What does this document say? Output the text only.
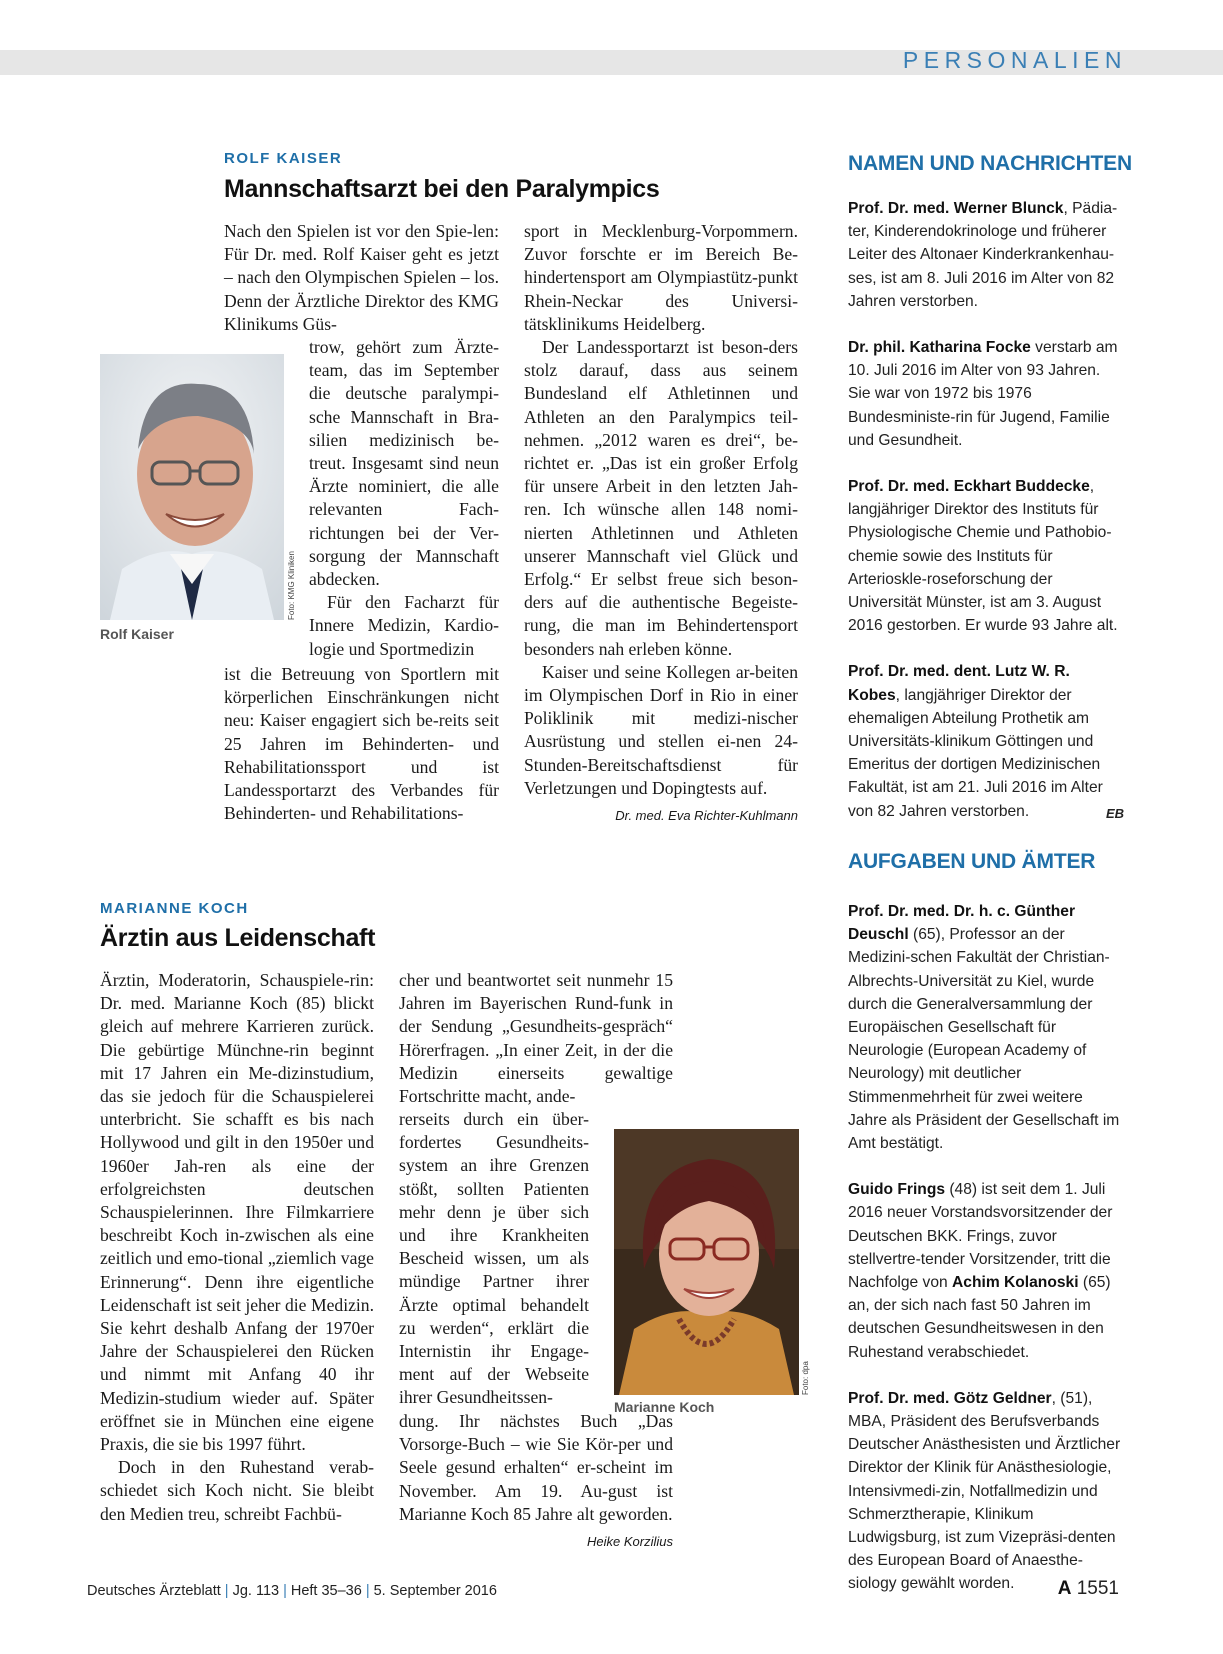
PERSONALIEN
ROLF KAISER
Mannschaftsarzt bei den Paralympics
Foto: KMG Kliniken
Rolf Kaiser

Nach den Spielen ist vor den Spie-len: Für Dr. med. Rolf Kaiser geht es jetzt – nach den Olympischen Spielen – los. Denn der Ärztliche Direktor des KMG Klinikums Güs-

trow, gehört zum Ärzte-team, das im September die deutsche paralympi-sche Mannschaft in Bra-silien medizinisch be-treut. Insgesamt sind neun Ärzte nominiert, die alle relevanten Fach-richtungen bei der Ver-sorgung der Mannschaft abdecken.

Für den Facharzt für Innere Medizin, Kardio-logie und Sportmedizin

ist die Betreuung von Sportlern mit körperlichen Einschränkungen nicht neu: Kaiser engagiert sich be-reits seit 25 Jahren im Behinderten- und Rehabilitationssport und ist Landessportarzt des Verbandes für Behinderten- und Rehabilitations-

sport in Mecklenburg-Vorpommern. Zuvor forschte er im Bereich Be-hindertensport am Olympiastütz-punkt Rhein-Neckar des Universi-tätsklinikums Heidelberg.

Der Landessportarzt ist beson-ders stolz darauf, dass aus seinem Bundesland elf Athletinnen und Athleten an den Paralympics teil-nehmen. „2012 waren es drei“, be-richtet er. „Das ist ein großer Erfolg für unsere Arbeit in den letzten Jah-ren. Ich wünsche allen 148 nomi-nierten Athletinnen und Athleten unserer Mannschaft viel Glück und Erfolg.“ Er selbst freue sich beson-ders auf die authentische Begeiste-rung, die man im Behindertensport besonders nah erleben könne.

Kaiser und seine Kollegen ar-beiten im Olympischen Dorf in Rio in einer Poliklinik mit medizi-nischer Ausrüstung und stellen ei-nen 24-Stunden-Bereitschaftsdienst für Verletzungen und Dopingtests auf.
Dr. med. Eva Richter-Kuhlmann

MARIANNE KOCH
Ärztin aus Leidenschaft

Ärztin, Moderatorin, Schauspiele-rin: Dr. med. Marianne Koch (85) blickt gleich auf mehrere Karrieren zurück. Die gebürtige Münchne-rin beginnt mit 17 Jahren ein Me-dizinstudium, das sie jedoch für die Schauspielerei unterbricht. Sie schafft es bis nach Hollywood und gilt in den 1950er und 1960er Jah-ren als eine der erfolgreichsten deutschen Schauspielerinnen. Ihre Filmkarriere beschreibt Koch in-zwischen als eine zeitlich und emo-tional „ziemlich vage Erinnerung“. Denn ihre eigentliche Leidenschaft ist seit jeher die Medizin. Sie kehrt deshalb Anfang der 1970er Jahre der Schauspielerei den Rücken und nimmt mit Anfang 40 ihr Medizin-studium wieder auf. Später eröffnet sie in München eine eigene Praxis, die sie bis 1997 führt.

Doch in den Ruhestand verab-schiedet sich Koch nicht. Sie bleibt den Medien treu, schreibt Fachbü-

cher und beantwortet seit nunmehr 15 Jahren im Bayerischen Rund-funk in der Sendung „Gesundheits-gespräch“ Hörerfragen. „In einer Zeit, in der die Medizin einerseits gewaltige Fortschritte macht, ande-

rerseits durch ein über-fordertes Gesundheits-system an ihre Grenzen stößt, sollten Patienten mehr denn je über sich und ihre Krankheiten Bescheid wissen, um als mündige Partner ihrer Ärzte optimal behandelt zu werden“, erklärt die Internistin ihr Engage-ment auf der Webseite ihrer Gesundheitssen-

dung. Ihr nächstes Buch „Das Vorsorge-Buch – wie Sie Kör-per und Seele gesund erhalten“ er-scheint im November. Am 19. Au-gust ist Marianne Koch 85 Jahre alt geworden.
Heike Korzilius

Foto: dpa
Marianne Koch
NAMEN UND NACHRICHTEN

Prof. Dr. med. Werner Blunck, Pädia-ter, Kinderendokrinologe und früherer Leiter des Altonaer Kinderkrankenhau-ses, ist am 8. Juli 2016 im Alter von 82 Jahren verstorben.

Dr. phil. Katharina Focke verstarb am 10. Juli 2016 im Alter von 93 Jahren. Sie war von 1972 bis 1976 Bundesministe-rin für Jugend, Familie und Gesundheit.

Prof. Dr. med. Eckhart Buddecke, langjähriger Direktor des Instituts für Physiologische Chemie und Pathobio-chemie sowie des Instituts für Arterioskle-roseforschung der Universität Münster, ist am 3. August 2016 gestorben. Er wurde 93 Jahre alt.

Prof. Dr. med. dent. Lutz W. R. Kobes, langjähriger Direktor der ehemaligen Abteilung Prothetik am Universitäts-klinikum Göttingen und Emeritus der dortigen Medizinischen Fakultät, ist am 21. Juli 2016 im Alter von 82 Jahren verstorben.	EB

AUFGABEN UND ÄMTER

Prof. Dr. med. Dr. h. c. Günther Deuschl (65), Professor an der Medizini-schen Fakultät der Christian-Albrechts-Universität zu Kiel, wurde durch die Generalversammlung der Europäischen Gesellschaft für Neurologie (European Academy of Neurology) mit deutlicher Stimmenmehrheit für zwei weitere Jahre als Präsident der Gesellschaft im Amt bestätigt.

Guido Frings (48) ist seit dem 1. Juli 2016 neuer Vorstandsvorsitzender der Deutschen BKK. Frings, zuvor stellvertre-tender Vorsitzender, tritt die Nachfolge von Achim Kolanoski (65) an, der sich nach fast 50 Jahren im deutschen Gesundheitswesen in den Ruhestand verabschiedet.

Prof. Dr. med. Götz Geldner, (51), MBA, Präsident des Berufsverbands Deutscher Anästhesisten und Ärztlicher Direktor der Klinik für Anästhesiologie, Intensivmedi-zin, Notfallmedizin und Schmerztherapie, Klinikum Ludwigsburg, ist zum Vizepräsi-denten des European Board of Anaesthe-siology gewählt worden.

Deutsches Ärzteblatt | Jg. 113 | Heft 35–36 | 5. September 2016	A 1551
